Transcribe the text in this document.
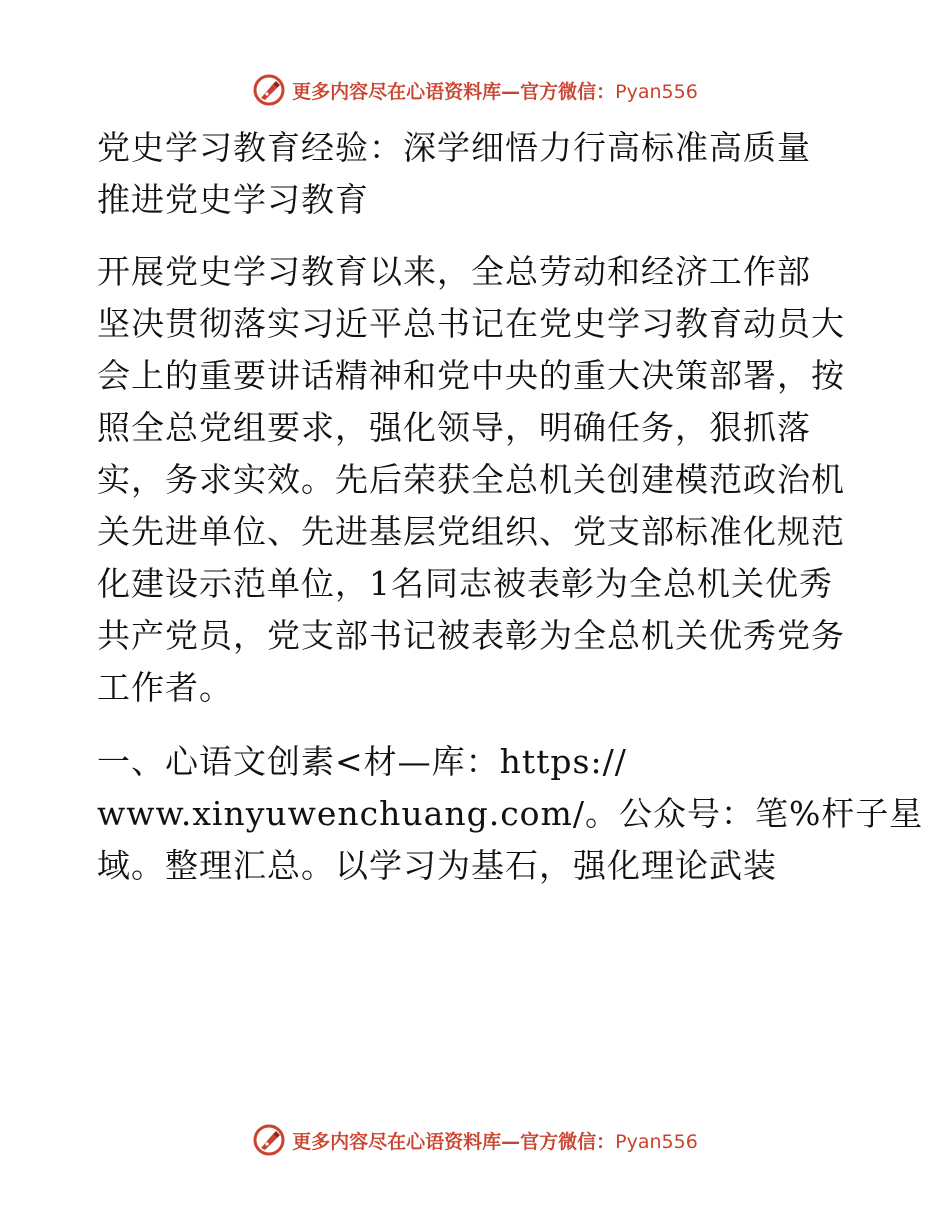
更多内容尽在心语资料库—官方微信：Pyan556
党史学习教育经验：深学细悟力行高标准高质量
推进党史学习教育

开展党史学习教育以来，全总劳动和经济工作部
坚决贯彻落实习近平总书记在党史学习教育动员大
会上的重要讲话精神和党中央的重大决策部署，按
照全总党组要求，强化领导，明确任务，狠抓落
实，务求实效。先后荣获全总机关创建模范政治机
关先进单位、先进基层党组织、党支部标准化规范
化建设示范单位，1名同志被表彰为全总机关优秀
共产党员，党支部书记被表彰为全总机关优秀党务
工作者。

一、心语文创素<材—库：https://
www.xinyuwenchuang.com/。公众号：笔%杆子星
域。整理汇总。以学习为基石，强化理论武装

更多内容尽在心语资料库—官方微信：Pyan556
